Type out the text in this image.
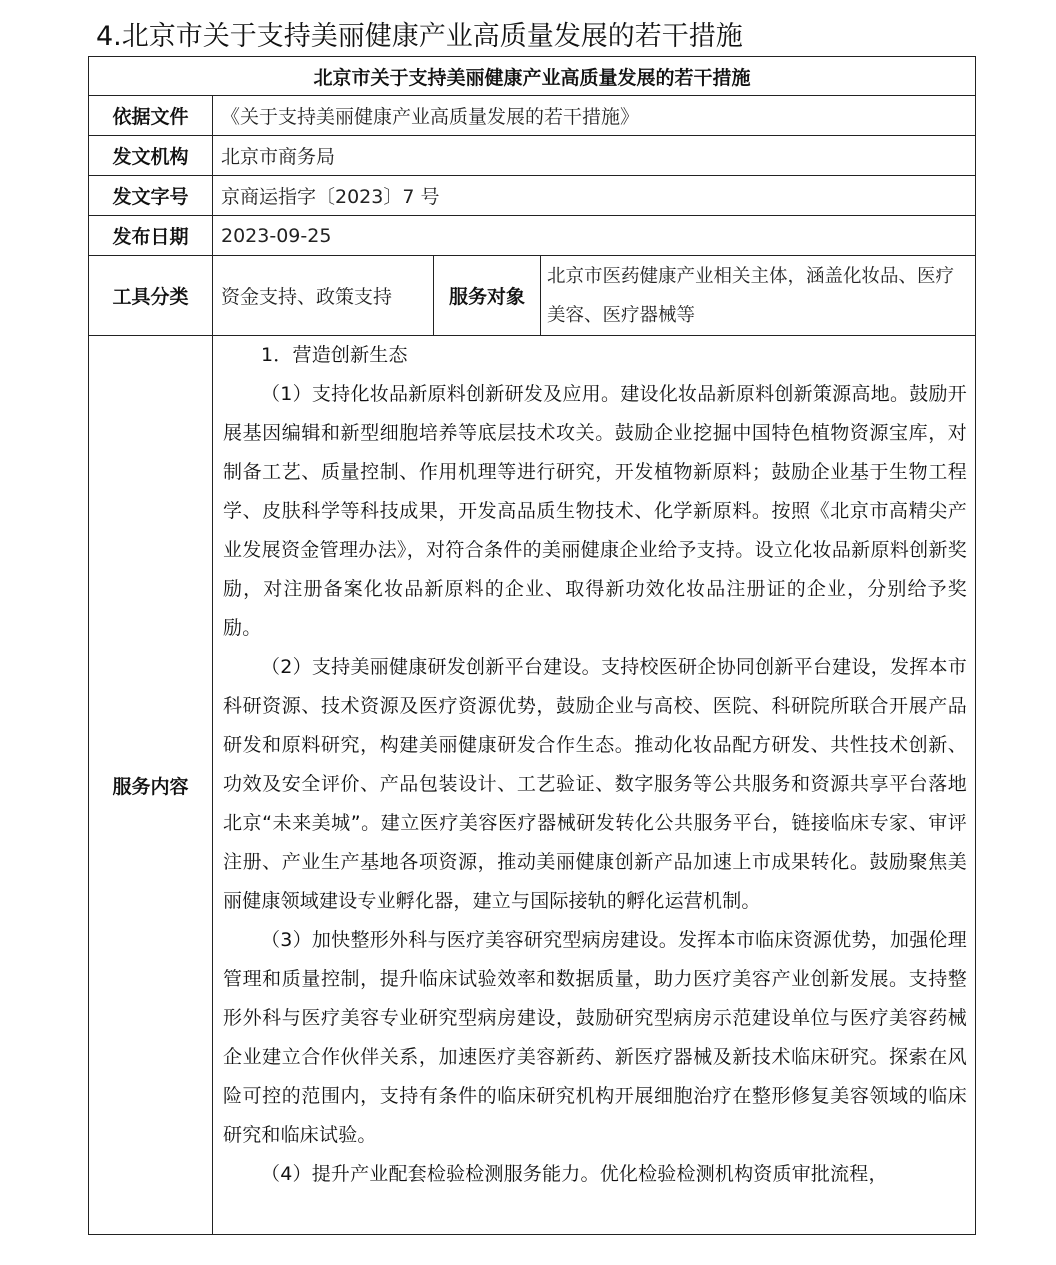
4.北京市关于支持美丽健康产业高质量发展的若干措施
北京市关于支持美丽健康产业高质量发展的若干措施			
依据文件	《关于支持美丽健康产业高质量发展的若干措施》		
发文机构	北京市商务局		
发文字号	京商运指字〔2023〕7 号		
发布日期	2023-09-25		
工具分类	资金支持、政策支持	服务对象	北京市医药健康产业相关主体，涵盖化妆品、医疗美容、医疗器械等
服务内容	1．营造创新生态

（1）支持化妆品新原料创新研发及应用。建设化妆品新原料创新策源高地。鼓励开展基因编辑和新型细胞培养等底层技术攻关。鼓励企业挖掘中国特色植物资源宝库，对制备工艺、质量控制、作用机理等进行研究，开发植物新原料；鼓励企业基于生物工程学、皮肤科学等科技成果，开发高品质生物技术、化学新原料。按照《北京市高精尖产业发展资金管理办法》，对符合条件的美丽健康企业给予支持。设立化妆品新原料创新奖励，对注册备案化妆品新原料的企业、取得新功效化妆品注册证的企业，分别给予奖励。

（2）支持美丽健康研发创新平台建设。支持校医研企协同创新平台建设，发挥本市科研资源、技术资源及医疗资源优势，鼓励企业与高校、医院、科研院所联合开展产品研发和原料研究，构建美丽健康研发合作生态。推动化妆品配方研发、共性技术创新、功效及安全评价、产品包装设计、工艺验证、数字服务等公共服务和资源共享平台落地北京“未来美城”。建立医疗美容医疗器械研发转化公共服务平台，链接临床专家、审评注册、产业生产基地各项资源，推动美丽健康创新产品加速上市成果转化。鼓励聚焦美丽健康领域建设专业孵化器，建立与国际接轨的孵化运营机制。

（3）加快整形外科与医疗美容研究型病房建设。发挥本市临床资源优势，加强伦理管理和质量控制，提升临床试验效率和数据质量，助力医疗美容产业创新发展。支持整形外科与医疗美容专业研究型病房建设，鼓励研究型病房示范建设单位与医疗美容药械企业建立合作伙伴关系，加速医疗美容新药、新医疗器械及新技术临床研究。探索在风险可控的范围内，支持有条件的临床研究机构开展细胞治疗在整形修复美容领域的临床研究和临床试验。

（4）提升产业配套检验检测服务能力。优化检验检测机构资质审批流程，		
